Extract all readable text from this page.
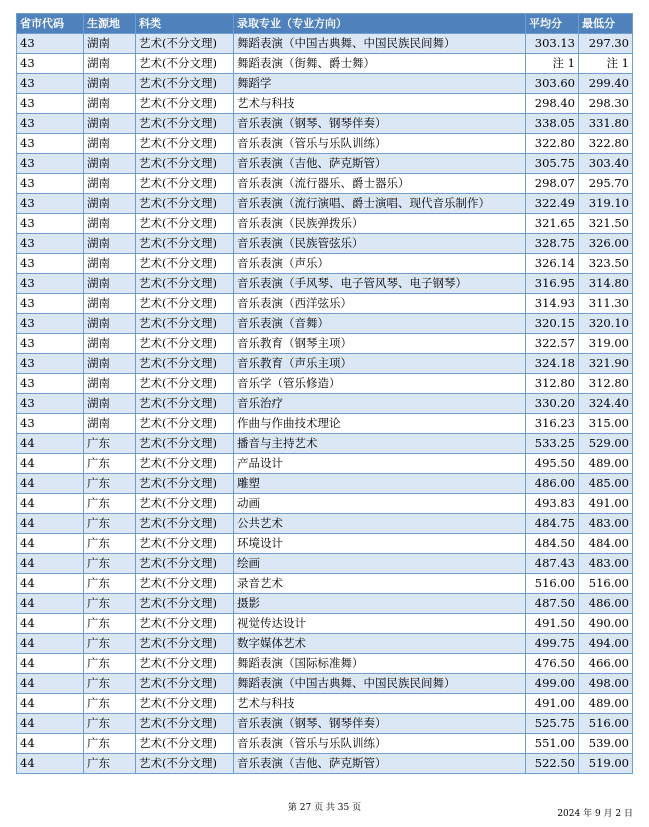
省市代码	生源地	科类	录取专业（专业方向）	平均分	最低分
43	湖南	艺术(不分文理)	舞蹈表演（中国古典舞、中国民族民间舞）	303.13	297.30
43	湖南	艺术(不分文理)	舞蹈表演（街舞、爵士舞）	注 1	注 1
43	湖南	艺术(不分文理)	舞蹈学	303.60	299.40
43	湖南	艺术(不分文理)	艺术与科技	298.40	298.30
43	湖南	艺术(不分文理)	音乐表演（钢琴、钢琴伴奏）	338.05	331.80
43	湖南	艺术(不分文理)	音乐表演（管乐与乐队训练）	322.80	322.80
43	湖南	艺术(不分文理)	音乐表演（吉他、萨克斯管）	305.75	303.40
43	湖南	艺术(不分文理)	音乐表演（流行器乐、爵士器乐）	298.07	295.70
43	湖南	艺术(不分文理)	音乐表演（流行演唱、爵士演唱、现代音乐制作）	322.49	319.10
43	湖南	艺术(不分文理)	音乐表演（民族弹拨乐）	321.65	321.50
43	湖南	艺术(不分文理)	音乐表演（民族管弦乐）	328.75	326.00
43	湖南	艺术(不分文理)	音乐表演（声乐）	326.14	323.50
43	湖南	艺术(不分文理)	音乐表演（手风琴、电子管风琴、电子钢琴）	316.95	314.80
43	湖南	艺术(不分文理)	音乐表演（西洋弦乐）	314.93	311.30
43	湖南	艺术(不分文理)	音乐表演（音舞）	320.15	320.10
43	湖南	艺术(不分文理)	音乐教育（钢琴主项）	322.57	319.00
43	湖南	艺术(不分文理)	音乐教育（声乐主项）	324.18	321.90
43	湖南	艺术(不分文理)	音乐学（管乐修造）	312.80	312.80
43	湖南	艺术(不分文理)	音乐治疗	330.20	324.40
43	湖南	艺术(不分文理)	作曲与作曲技术理论	316.23	315.00
44	广东	艺术(不分文理)	播音与主持艺术	533.25	529.00
44	广东	艺术(不分文理)	产品设计	495.50	489.00
44	广东	艺术(不分文理)	雕塑	486.00	485.00
44	广东	艺术(不分文理)	动画	493.83	491.00
44	广东	艺术(不分文理)	公共艺术	484.75	483.00
44	广东	艺术(不分文理)	环境设计	484.50	484.00
44	广东	艺术(不分文理)	绘画	487.43	483.00
44	广东	艺术(不分文理)	录音艺术	516.00	516.00
44	广东	艺术(不分文理)	摄影	487.50	486.00
44	广东	艺术(不分文理)	视觉传达设计	491.50	490.00
44	广东	艺术(不分文理)	数字媒体艺术	499.75	494.00
44	广东	艺术(不分文理)	舞蹈表演（国际标准舞）	476.50	466.00
44	广东	艺术(不分文理)	舞蹈表演（中国古典舞、中国民族民间舞）	499.00	498.00
44	广东	艺术(不分文理)	艺术与科技	491.00	489.00
44	广东	艺术(不分文理)	音乐表演（钢琴、钢琴伴奏）	525.75	516.00
44	广东	艺术(不分文理)	音乐表演（管乐与乐队训练）	551.00	539.00
44	广东	艺术(不分文理)	音乐表演（吉他、萨克斯管）	522.50	519.00
第 27 页 共 35 页
2024 年 9 月 2 日
